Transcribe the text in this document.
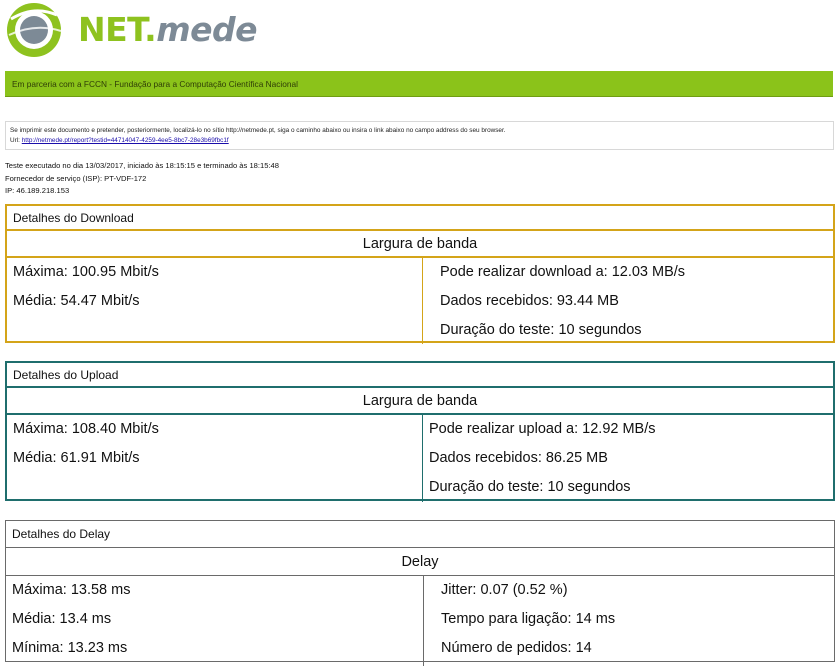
NET.mede
Em parceria com a FCCN - Fundação para a Computação Científica Nacional
Se imprimir este documento e pretender, posteriormente, localizá-lo no sítio http://netmede.pt, siga o caminho abaixo ou insira o link abaixo no campo address do seu browser.
Url: http://netmede.pt/report?testid=44714047-4259-4ee5-8bc7-28e3b69fbc1f
Teste executado no dia 13/03/2017, iniciado às 18:15:15 e terminado às 18:15:48
Fornecedor de serviço (ISP): PT-VDF-172
IP: 46.189.218.153
Detalhes do Download
Largura de banda
Máxima: 100.95 Mbit/s
Média: 54.47 Mbit/s
Pode realizar download a: 12.03 MB/s
Dados recebidos: 93.44 MB
Duração do teste: 10 segundos
Detalhes do Upload
Largura de banda
Máxima: 108.40 Mbit/s
Média: 61.91 Mbit/s
Pode realizar upload a: 12.92 MB/s
Dados recebidos: 86.25 MB
Duração do teste: 10 segundos
Detalhes do Delay
Delay
Máxima: 13.58 ms
Média: 13.4 ms
Mínima: 13.23 ms
Jitter: 0.07 (0.52 %)
Tempo para ligação: 14 ms
Número de pedidos: 14
